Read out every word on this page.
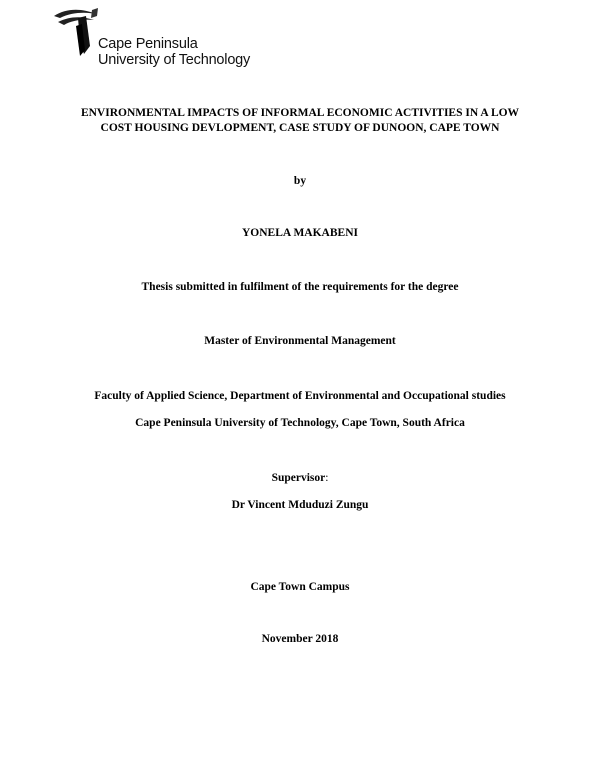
Cape Peninsula
University of Technology
ENVIRONMENTAL IMPACTS OF INFORMAL ECONOMIC ACTIVITIES IN A LOW
COST HOUSING DEVLOPMENT, CASE STUDY OF DUNOON, CAPE TOWN
by
YONELA MAKABENI
Thesis submitted in fulfilment of the requirements for the degree
Master of Environmental Management
Faculty of Applied Science, Department of Environmental and Occupational studies
Cape Peninsula University of Technology, Cape Town, South Africa
Supervisor:
Dr Vincent Mduduzi Zungu
Cape Town Campus
November 2018
